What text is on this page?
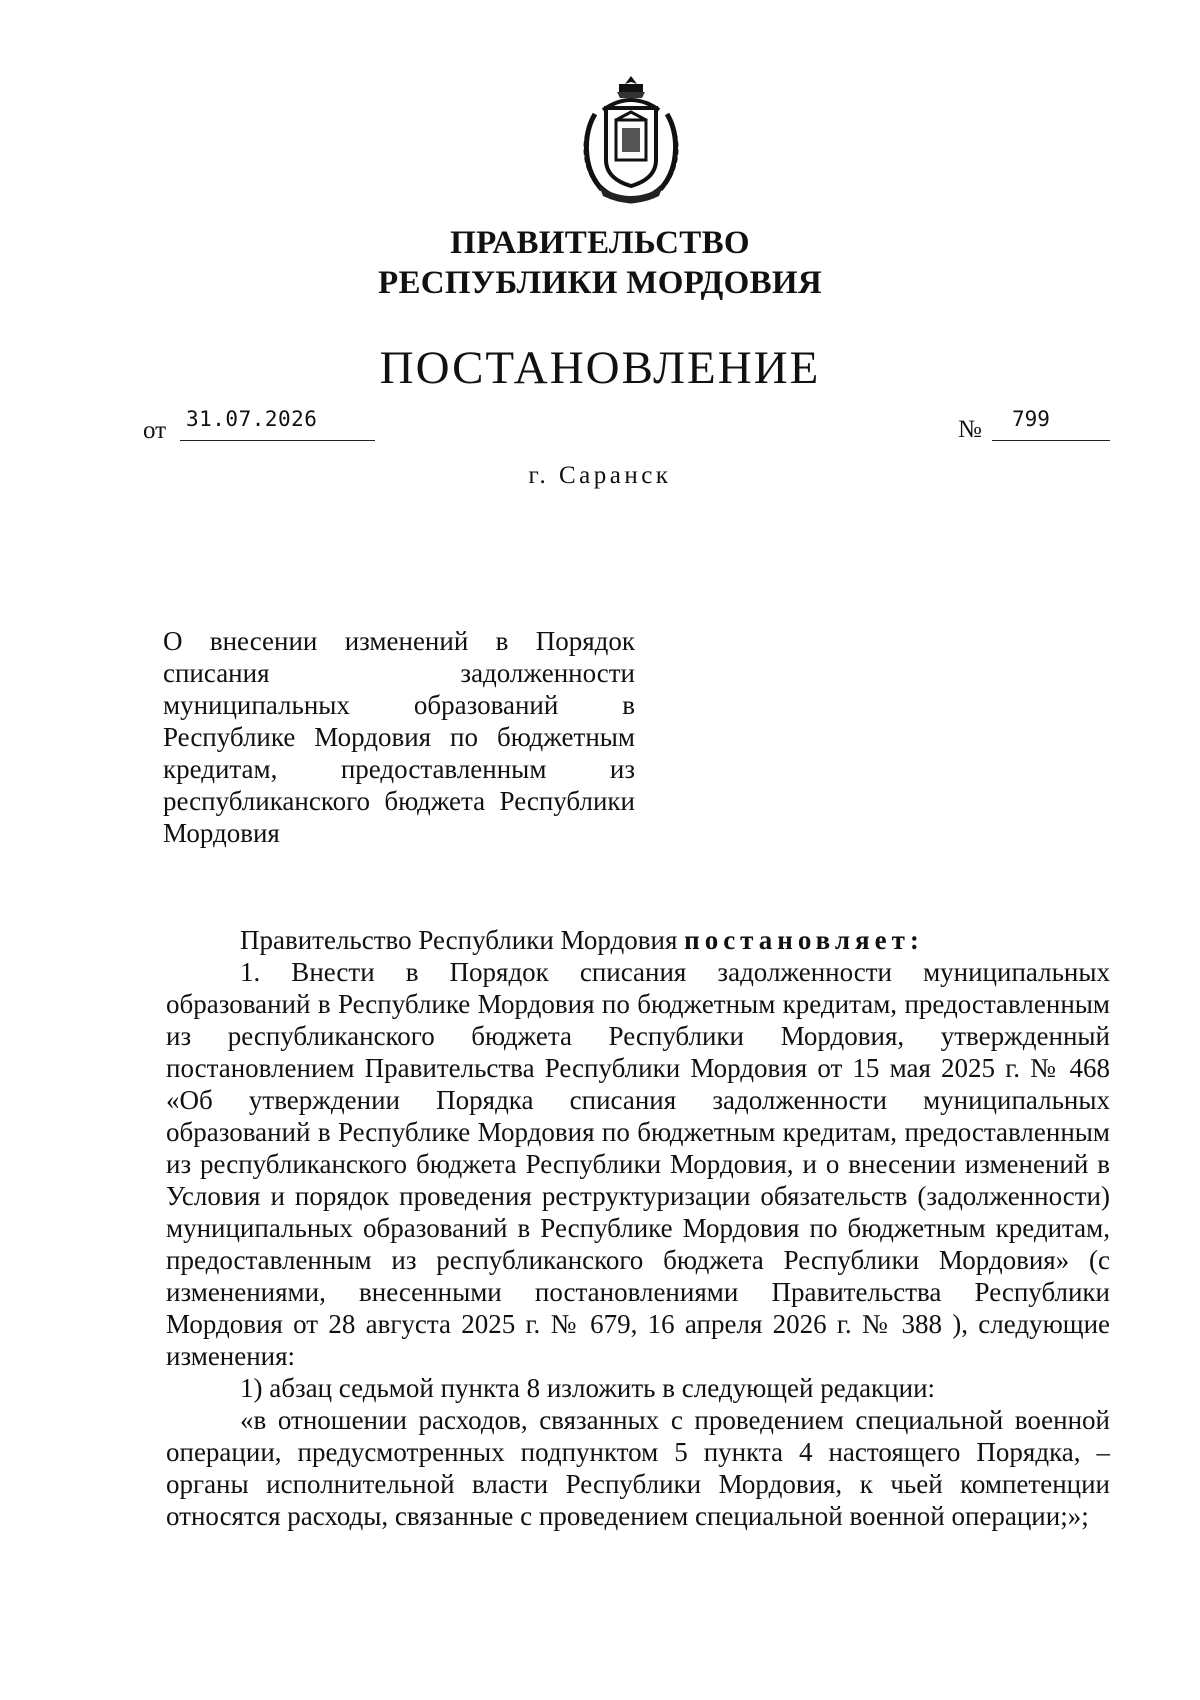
ПРАВИТЕЛЬСТВО
РЕСПУБЛИКИ МОРДОВИЯ
ПОСТАНОВЛЕНИЕ
от 31.07.2026	№ 799
г. Саранск
О внесении изменений в Порядок списания задолженности муниципальных образований в Республике Мордовия по бюджетным кредитам, предоставленным из республиканского бюджета Республики Мордовия

Правительство Республики Мордовия постановляет:

1. Внести в Порядок списания задолженности муниципальных образований в Республике Мордовия по бюджетным кредитам, предоставленным из республиканского бюджета Республики Мордовия, утвержденный постановлением Правительства Республики Мордовия от 15 мая 2025 г. № 468 «Об утверждении Порядка списания задолженности муниципальных образований в Республике Мордовия по бюджетным кредитам, предоставленным из республиканского бюджета Республики Мордовия, и о внесении изменений в Условия и порядок проведения реструктуризации обязательств (задолженности) муниципальных образований в Республике Мордовия по бюджетным кредитам, предоставленным из республиканского бюджета Республики Мордовия» (с изменениями, внесенными постановлениями Правительства Республики Мордовия от 28 августа 2025 г. № 679, 16 апреля 2026 г. № 388 ), следующие изменения:

1) абзац седьмой пункта 8 изложить в следующей редакции:

«в отношении расходов, связанных с проведением специальной военной операции, предусмотренных подпунктом 5 пункта 4 настоящего Порядка, – органы исполнительной власти Республики Мордовия, к чьей компетенции относятся расходы, связанные с проведением специальной военной операции;»;
